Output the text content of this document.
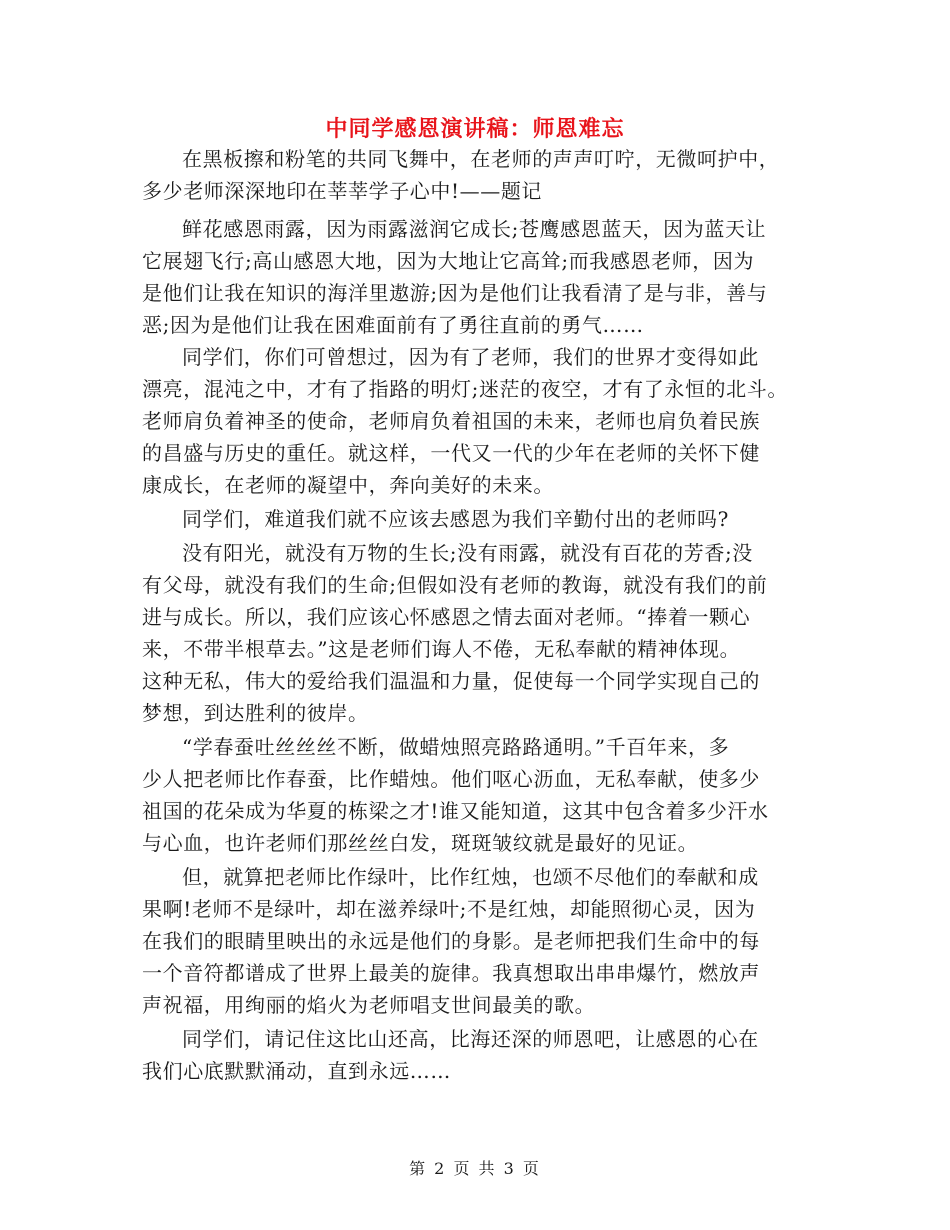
中同学感恩演讲稿：师恩难忘
在黑板擦和粉笔的共同飞舞中，在老师的声声叮咛，无微呵护中，
多少老师深深地印在莘莘学子心中!——题记
鲜花感恩雨露，因为雨露滋润它成长;苍鹰感恩蓝天，因为蓝天让
它展翅飞行;高山感恩大地，因为大地让它高耸;而我感恩老师，因为
是他们让我在知识的海洋里遨游;因为是他们让我看清了是与非，善与
恶;因为是他们让我在困难面前有了勇往直前的勇气……
同学们，你们可曾想过，因为有了老师，我们的世界才变得如此
漂亮，混沌之中，才有了指路的明灯;迷茫的夜空，才有了永恒的北斗。
老师肩负着神圣的使命，老师肩负着祖国的未来，老师也肩负着民族
的昌盛与历史的重任。就这样，一代又一代的少年在老师的关怀下健
康成长，在老师的凝望中，奔向美好的未来。
同学们，难道我们就不应该去感恩为我们辛勤付出的老师吗?
没有阳光，就没有万物的生长;没有雨露，就没有百花的芳香;没
有父母，就没有我们的生命;但假如没有老师的教诲，就没有我们的前
进与成长。所以，我们应该心怀感恩之情去面对老师。“捧着一颗心
来，不带半根草去。”这是老师们诲人不倦，无私奉献的精神体现。
这种无私，伟大的爱给我们温温和力量，促使每一个同学实现自己的
梦想，到达胜利的彼岸。
“学春蚕吐丝丝丝不断，做蜡烛照亮路路通明。”千百年来，多
少人把老师比作春蚕，比作蜡烛。他们呕心沥血，无私奉献，使多少
祖国的花朵成为华夏的栋梁之才!谁又能知道，这其中包含着多少汗水
与心血，也许老师们那丝丝白发，斑斑皱纹就是最好的见证。
但，就算把老师比作绿叶，比作红烛，也颂不尽他们的奉献和成
果啊!老师不是绿叶，却在滋养绿叶;不是红烛，却能照彻心灵，因为
在我们的眼睛里映出的永远是他们的身影。是老师把我们生命中的每
一个音符都谱成了世界上最美的旋律。我真想取出串串爆竹，燃放声
声祝福，用绚丽的焰火为老师唱支世间最美的歌。
同学们，请记住这比山还高，比海还深的师恩吧，让感恩的心在
我们心底默默涌动，直到永远……
第 2 页 共 3 页
